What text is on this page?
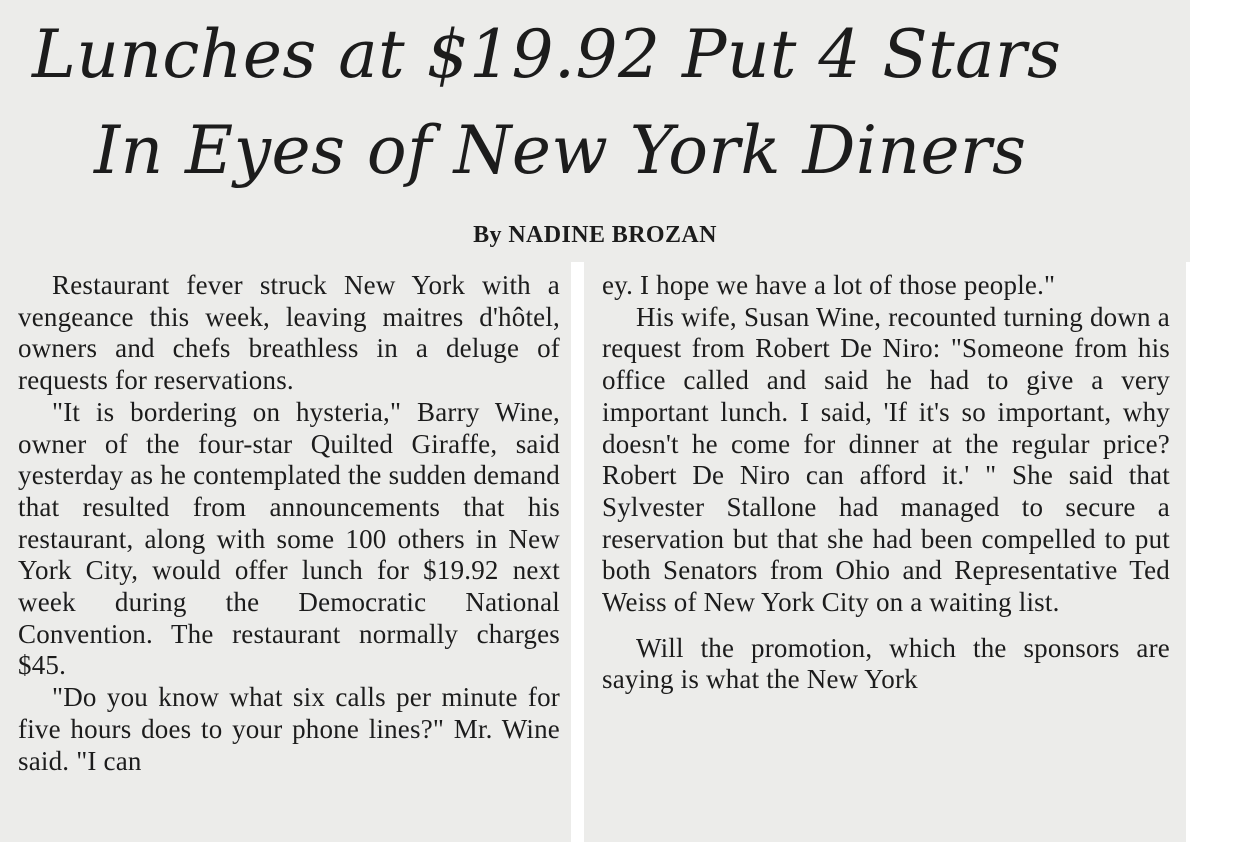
Lunches at $19.92 Put 4 Stars
In Eyes of New York Diners
By NADINE BROZAN

Restaurant fever struck New York with a vengeance this week, leaving maitres d'hôtel, owners and chefs breathless in a deluge of requests for reservations.

"It is bordering on hysteria," Barry Wine, owner of the four-star Quilted Giraffe, said yesterday as he contemplated the sudden demand that resulted from announcements that his restaurant, along with some 100 others in New York City, would offer lunch for $19.92 next week during the Democratic National Convention. The restaurant normally charges $45.

"Do you know what six calls per minute for five hours does to your phone lines?" Mr. Wine said. "I can

ey. I hope we have a lot of those people."

His wife, Susan Wine, recounted turning down a request from Robert De Niro: "Someone from his office called and said he had to give a very important lunch. I said, 'If it's so important, why doesn't he come for dinner at the regular price? Robert De Niro can afford it.' " She said that Sylvester Stallone had managed to secure a reservation but that she had been compelled to put both Senators from Ohio and Representative Ted Weiss of New York City on a waiting list.

Will the promotion, which the sponsors are saying is what the New York
